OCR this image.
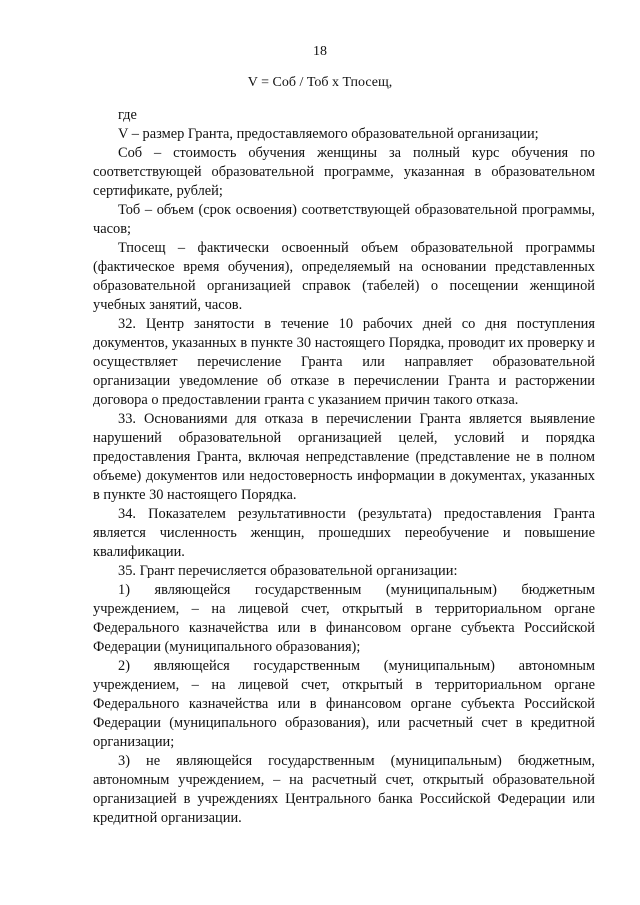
18
V = Соб / Тоб х Тпосещ,

где

V – размер Гранта, предоставляемого образовательной организации;

Соб – стоимость обучения женщины за полный курс обучения по соответствующей образовательной программе, указанная в образовательном сертификате, рублей;

Тоб – объем (срок освоения) соответствующей образовательной программы, часов;

Тпосещ – фактически освоенный объем образовательной программы (фактическое время обучения), определяемый на основании представленных образовательной организацией справок (табелей) о посещении женщиной учебных занятий, часов.

32. Центр занятости в течение 10 рабочих дней со дня поступления документов, указанных в пункте 30 настоящего Порядка, проводит их проверку и осуществляет перечисление Гранта или направляет образовательной организации уведомление об отказе в перечислении Гранта и расторжении договора о предоставлении гранта с указанием причин такого отказа.

33. Основаниями для отказа в перечислении Гранта является выявление нарушений образовательной организацией целей, условий и порядка предоставления Гранта, включая непредставление (представление не в полном объеме) документов или недостоверность информации в документах, указанных в пункте 30 настоящего Порядка.

34. Показателем результативности (результата) предоставления Гранта является численность женщин, прошедших переобучение и повышение квалификации.

35. Грант перечисляется образовательной организации:

1) являющейся государственным (муниципальным) бюджетным учреждением, – на лицевой счет, открытый в территориальном органе Федерального казначейства или в финансовом органе субъекта Российской Федерации (муниципального образования);

2) являющейся государственным (муниципальным) автономным учреждением, – на лицевой счет, открытый в территориальном органе Федерального казначейства или в финансовом органе субъекта Российской Федерации (муниципального образования), или расчетный счет в кредитной организации;

3) не являющейся государственным (муниципальным) бюджетным, автономным учреждением, – на расчетный счет, открытый образовательной организацией в учреждениях Центрального банка Российской Федерации или кредитной организации.
